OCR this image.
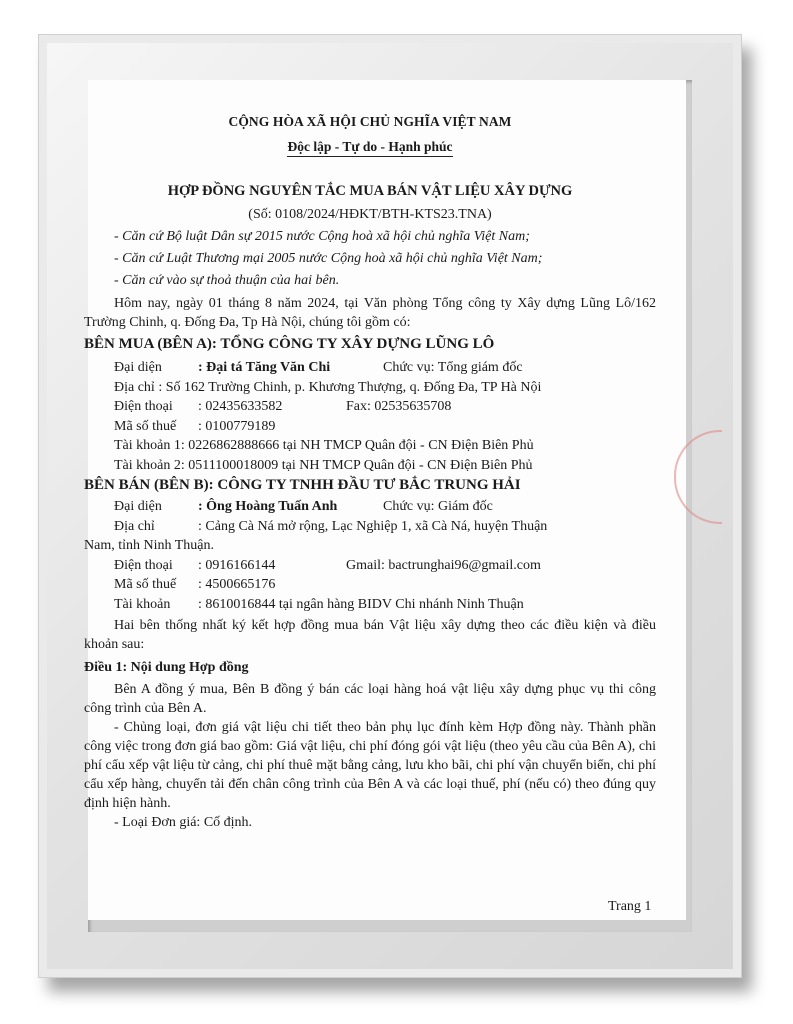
CỘNG HÒA XÃ HỘI CHỦ NGHĨA VIỆT NAM
Độc lập - Tự do - Hạnh phúc
HỢP ĐỒNG NGUYÊN TẮC MUA BÁN VẬT LIỆU XÂY DỰNG
(Số: 0108/2024/HĐKT/BTH-KTS23.TNA)
- Căn cứ Bộ luật Dân sự 2015 nước Cộng hoà xã hội chủ nghĩa Việt Nam;
- Căn cứ Luật Thương mại 2005 nước Cộng hoà xã hội chủ nghĩa Việt Nam;
- Căn cứ vào sự thoả thuận của hai bên.
Hôm nay, ngày 01 tháng 8 năm 2024, tại Văn phòng Tổng công ty Xây dựng Lũng Lô/162 Trường Chinh, q. Đống Đa, Tp Hà Nội, chúng tôi gồm có:
BÊN MUA (BÊN A): TỔNG CÔNG TY XÂY DỰNG LŨNG LÔ
Đại diện	: Đại tá Tăng Văn Chi	Chức vụ: Tổng giám đốc
Địa chỉ : Số 162 Trường Chinh, p. Khương Thượng, q. Đống Đa, TP Hà Nội
Điện thoại	: 02435633582	Fax: 02535635708
Mã số thuế	: 0100779189
Tài khoản 1: 0226862888666 tại NH TMCP Quân đội - CN Điện Biên Phủ
Tài khoản 2: 0511100018009 tại NH TMCP Quân đội - CN Điện Biên Phủ
BÊN BÁN (BÊN B): CÔNG TY TNHH ĐẦU TƯ BẮC TRUNG HẢI
Đại diện	: Ông Hoàng Tuấn Anh	Chức vụ: Giám đốc
Địa chỉ	: Cảng Cà Ná mở rộng, Lạc Nghiệp 1, xã Cà Ná, huyện Thuận
Nam, tỉnh Ninh Thuận.
Điện thoại	: 0916166144	Gmail: bactrunghai96@gmail.com
Mã số thuế	: 4500665176
Tài khoản	: 8610016844 tại ngân hàng BIDV Chi nhánh Ninh Thuận
Hai bên thống nhất ký kết hợp đồng mua bán Vật liệu xây dựng theo các điều kiện và điều khoản sau:
Điều 1: Nội dung Hợp đồng
Bên A đồng ý mua, Bên B đồng ý bán các loại hàng hoá vật liệu xây dựng phục vụ thi công công trình của Bên A.
- Chủng loại, đơn giá vật liệu chi tiết theo bản phụ lục đính kèm Hợp đồng này. Thành phần công việc trong đơn giá bao gồm: Giá vật liệu, chi phí đóng gói vật liệu (theo yêu cầu của Bên A), chi phí cẩu xếp vật liệu từ cảng, chi phí thuê mặt bằng cảng, lưu kho bãi, chi phí vận chuyển biển, chi phí cẩu xếp hàng, chuyển tải đến chân công trình của Bên A và các loại thuế, phí (nếu có) theo đúng quy định hiện hành.
- Loại Đơn giá: Cố định.
Trang 1
